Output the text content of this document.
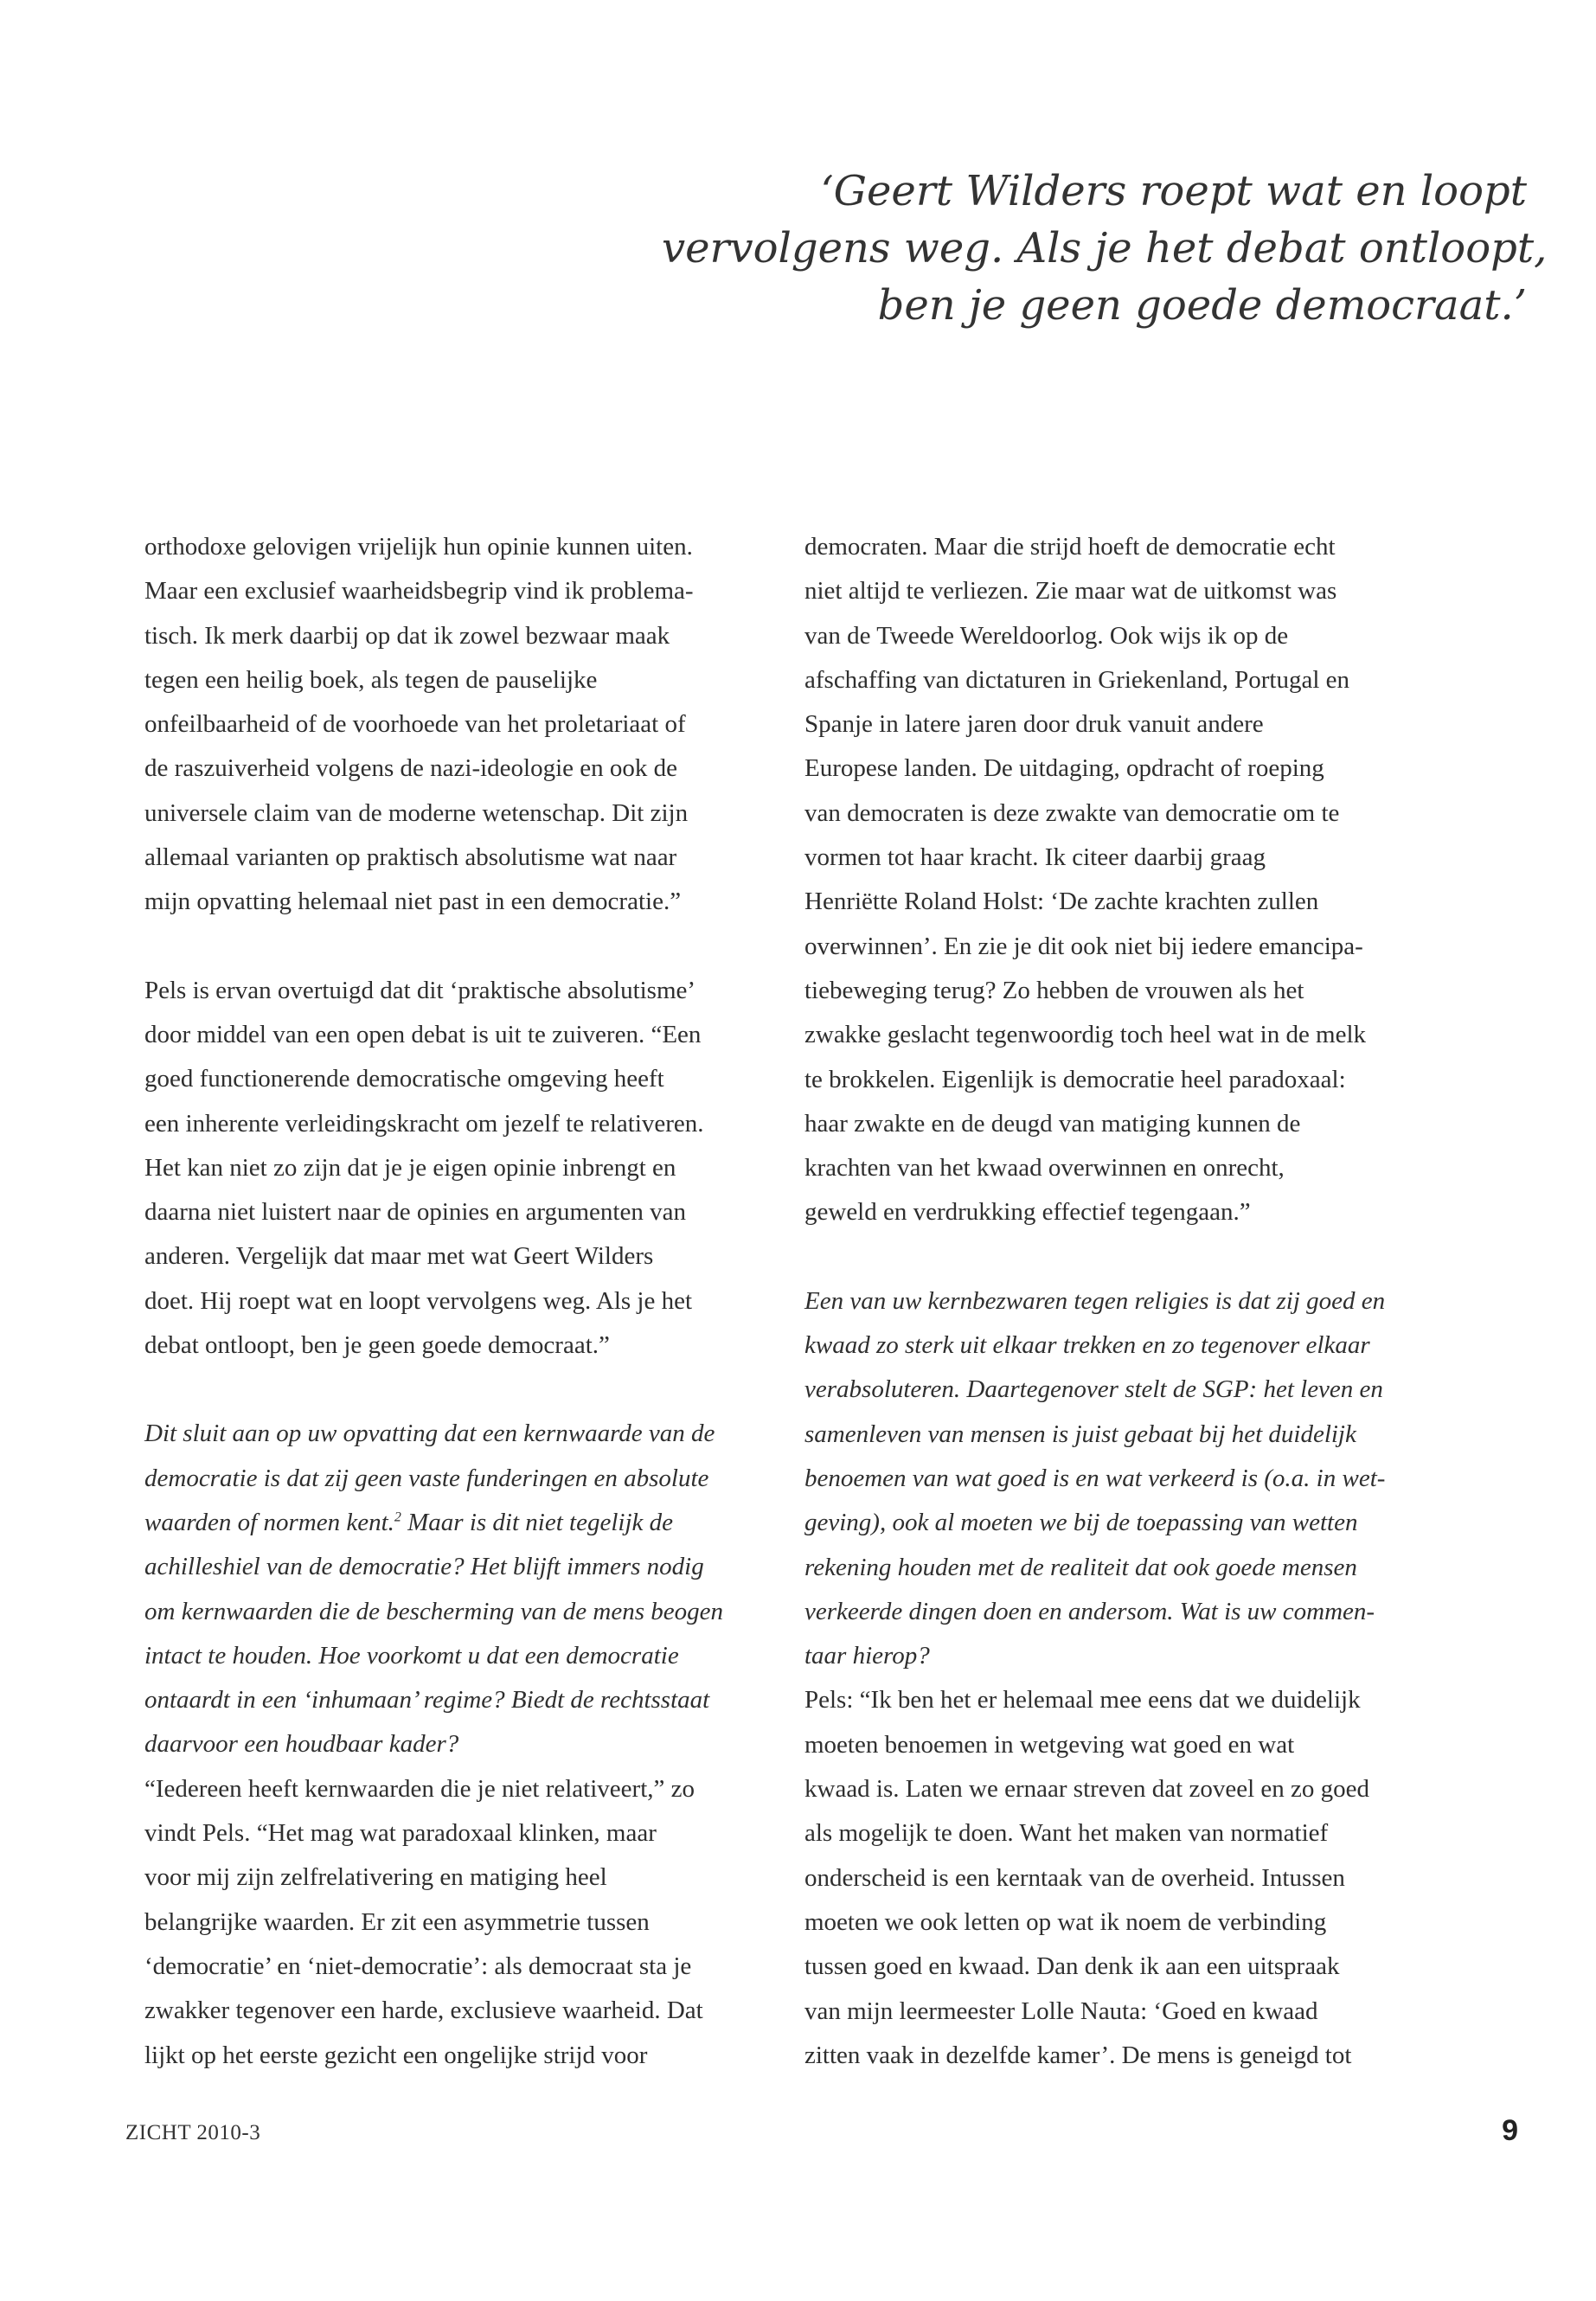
‘Geert Wilders roept wat en loopt
vervolgens weg. Als je het debat ontloopt,
ben je geen goede democraat.’

orthodoxe gelovigen vrijelijk hun opinie kunnen uiten.
Maar een exclusief waarheidsbegrip vind ik problema-
tisch. Ik merk daarbij op dat ik zowel bezwaar maak
tegen een heilig boek, als tegen de pauselijke
onfeilbaarheid of de voorhoede van het proletariaat of
de raszuiverheid volgens de nazi-ideologie en ook de
universele claim van de moderne wetenschap. Dit zijn
allemaal varianten op praktisch absolutisme wat naar
mijn opvatting helemaal niet past in een democratie.”

Pels is ervan overtuigd dat dit ‘praktische absolutisme’
door middel van een open debat is uit te zuiveren. “Een
goed functionerende democratische omgeving heeft
een inherente verleidingskracht om jezelf te relativeren.
Het kan niet zo zijn dat je je eigen opinie inbrengt en
daarna niet luistert naar de opinies en argumenten van
anderen. Vergelijk dat maar met wat Geert Wilders
doet. Hij roept wat en loopt vervolgens weg. Als je het
debat ontloopt, ben je geen goede democraat.”

Dit sluit aan op uw opvatting dat een kernwaarde van de
democratie is dat zij geen vaste funderingen en absolute
waarden of normen kent.$^2$ Maar is dit niet tegelijk de
achilleshiel van de democratie? Het blijft immers nodig
om kernwaarden die de bescherming van de mens beogen
intact te houden. Hoe voorkomt u dat een democratie
ontaardt in een ‘inhumaan’ regime? Biedt de rechtsstaat
daarvoor een houdbaar kader?

“Iedereen heeft kernwaarden die je niet relativeert,” zo
vindt Pels. “Het mag wat paradoxaal klinken, maar
voor mij zijn zelfrelativering en matiging heel
belangrijke waarden. Er zit een asymmetrie tussen
‘democratie’ en ‘niet-democratie’: als democraat sta je
zwakker tegenover een harde, exclusieve waarheid. Dat
lijkt op het eerste gezicht een ongelijke strijd voor

democraten. Maar die strijd hoeft de democratie echt
niet altijd te verliezen. Zie maar wat de uitkomst was
van de Tweede Wereldoorlog. Ook wijs ik op de
afschaffing van dictaturen in Griekenland, Portugal en
Spanje in latere jaren door druk vanuit andere
Europese landen. De uitdaging, opdracht of roeping
van democraten is deze zwakte van democratie om te
vormen tot haar kracht. Ik citeer daarbij graag
Henriëtte Roland Holst: ‘De zachte krachten zullen
overwinnen’. En zie je dit ook niet bij iedere emancipa-
tiebeweging terug? Zo hebben de vrouwen als het
zwakke geslacht tegenwoordig toch heel wat in de melk
te brokkelen. Eigenlijk is democratie heel paradoxaal:
haar zwakte en de deugd van matiging kunnen de
krachten van het kwaad overwinnen en onrecht,
geweld en verdrukking effectief tegengaan.”

Een van uw kernbezwaren tegen religies is dat zij goed en
kwaad zo sterk uit elkaar trekken en zo tegenover elkaar
verabsoluteren. Daartegenover stelt de SGP: het leven en
samenleven van mensen is juist gebaat bij het duidelijk
benoemen van wat goed is en wat verkeerd is (o.a. in wet-
geving), ook al moeten we bij de toepassing van wetten
rekening houden met de realiteit dat ook goede mensen
verkeerde dingen doen en andersom. Wat is uw commen-
taar hierop?

Pels: “Ik ben het er helemaal mee eens dat we duidelijk
moeten benoemen in wetgeving wat goed en wat
kwaad is. Laten we ernaar streven dat zoveel en zo goed
als mogelijk te doen. Want het maken van normatief
onderscheid is een kerntaak van de overheid. Intussen
moeten we ook letten op wat ik noem de verbinding
tussen goed en kwaad. Dan denk ik aan een uitspraak
van mijn leermeester Lolle Nauta: ‘Goed en kwaad
zitten vaak in dezelfde kamer’. De mens is geneigd tot

ZICHT 2010-3	9
